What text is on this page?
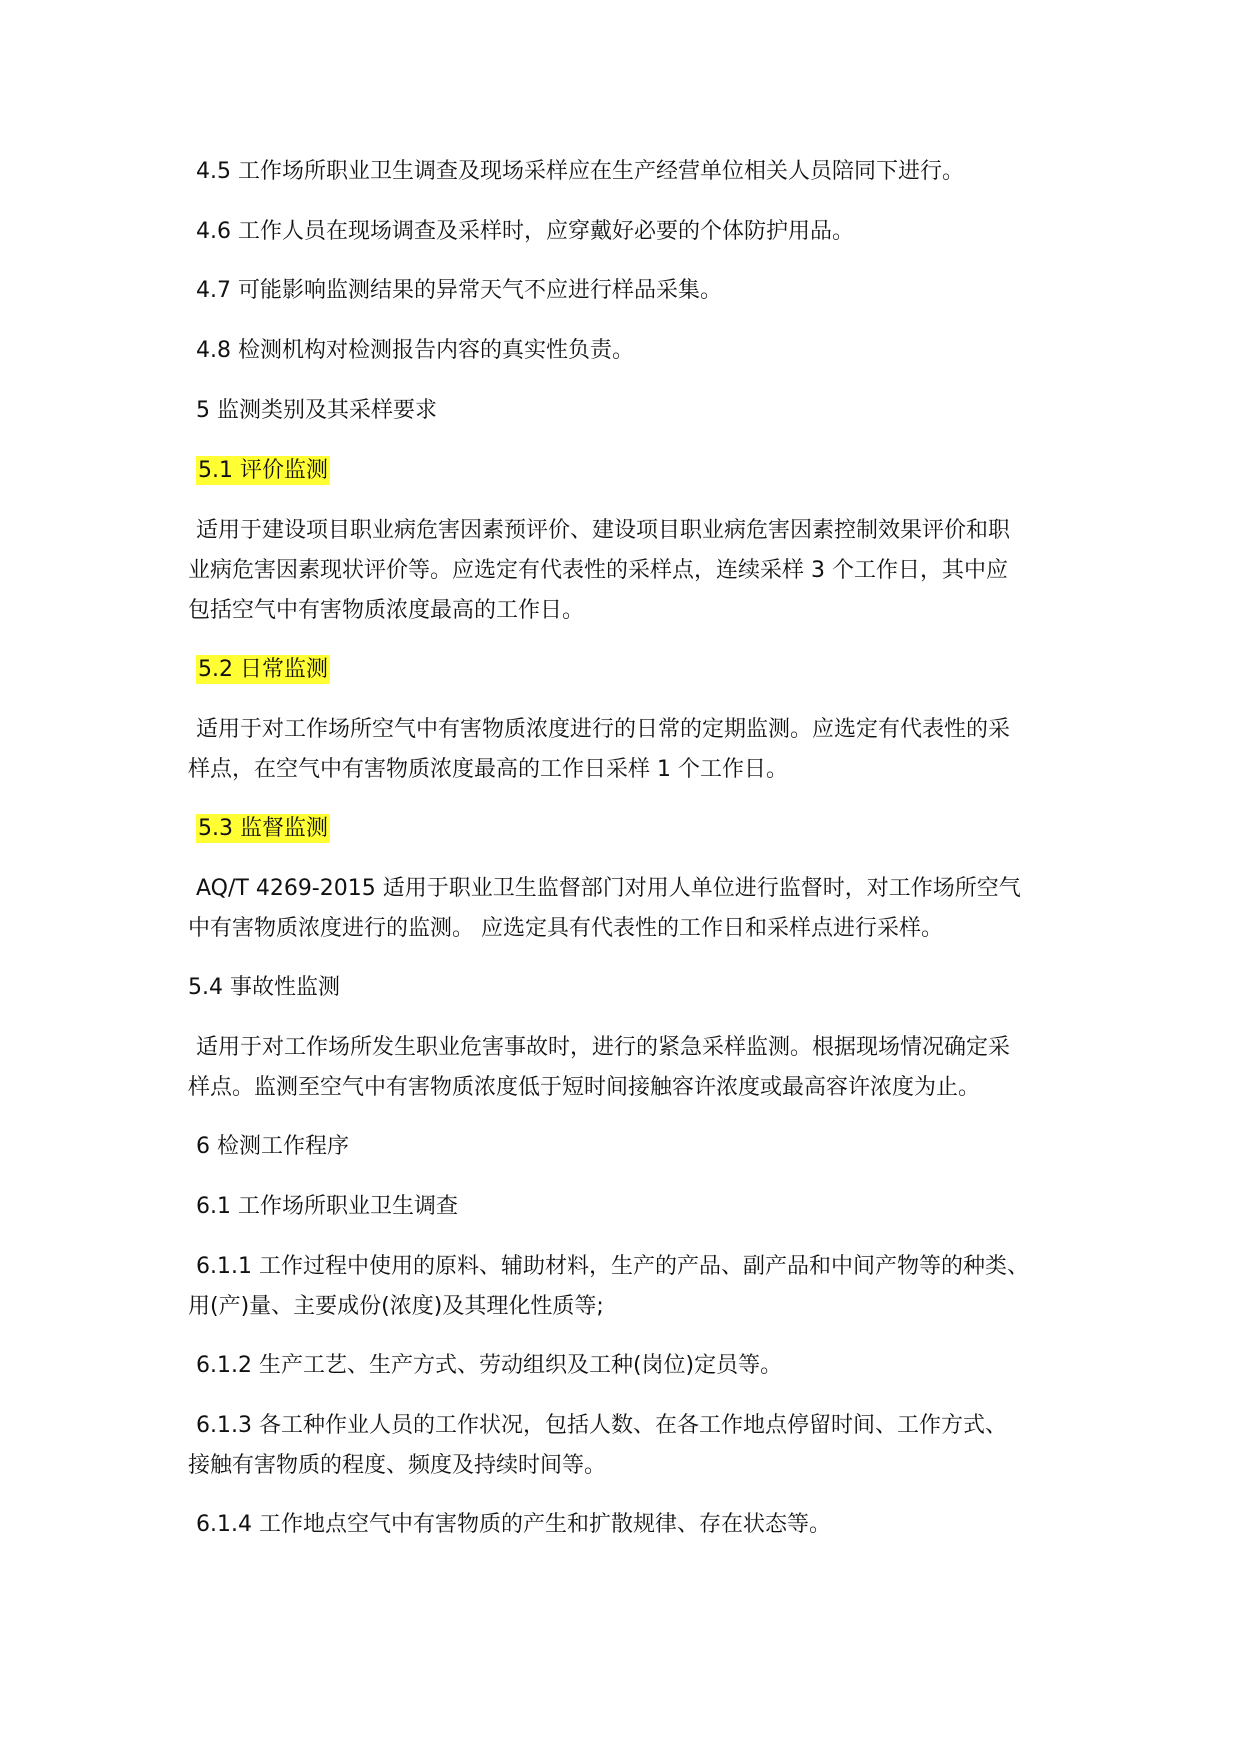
4.5 工作场所职业卫生调查及现场采样应在生产经营单位相关人员陪同下进行。

4.6 工作人员在现场调查及采样时，应穿戴好必要的个体防护用品。

4.7 可能影响监测结果的异常天气不应进行样品采集。

4.8 检测机构对检测报告内容的真实性负责。

5 监测类别及其采样要求

5.1 评价监测

适用于建设项目职业病危害因素预评价、建设项目职业病危害因素控制效果评价和职
业病危害因素现状评价等。应选定有代表性的采样点，连续采样 3 个工作日，其中应
包括空气中有害物质浓度最高的工作日。

5.2 日常监测

适用于对工作场所空气中有害物质浓度进行的日常的定期监测。应选定有代表性的采
样点，在空气中有害物质浓度最高的工作日采样 1 个工作日。

5.3 监督监测

AQ/T 4269-2015 适用于职业卫生监督部门对用人单位进行监督时，对工作场所空气
中有害物质浓度进行的监测。 应选定具有代表性的工作日和采样点进行采样。

5.4 事故性监测

适用于对工作场所发生职业危害事故时，进行的紧急采样监测。根据现场情况确定采
样点。监测至空气中有害物质浓度低于短时间接触容许浓度或最高容许浓度为止。

6 检测工作程序

6.1 工作场所职业卫生调查

6.1.1 工作过程中使用的原料、辅助材料，生产的产品、副产品和中间产物等的种类、
用(产)量、主要成份(浓度)及其理化性质等;

6.1.2 生产工艺、生产方式、劳动组织及工种(岗位)定员等。

6.1.3 各工种作业人员的工作状况，包括人数、在各工作地点停留时间、工作方式、
接触有害物质的程度、频度及持续时间等。

6.1.4 工作地点空气中有害物质的产生和扩散规律、存在状态等。
